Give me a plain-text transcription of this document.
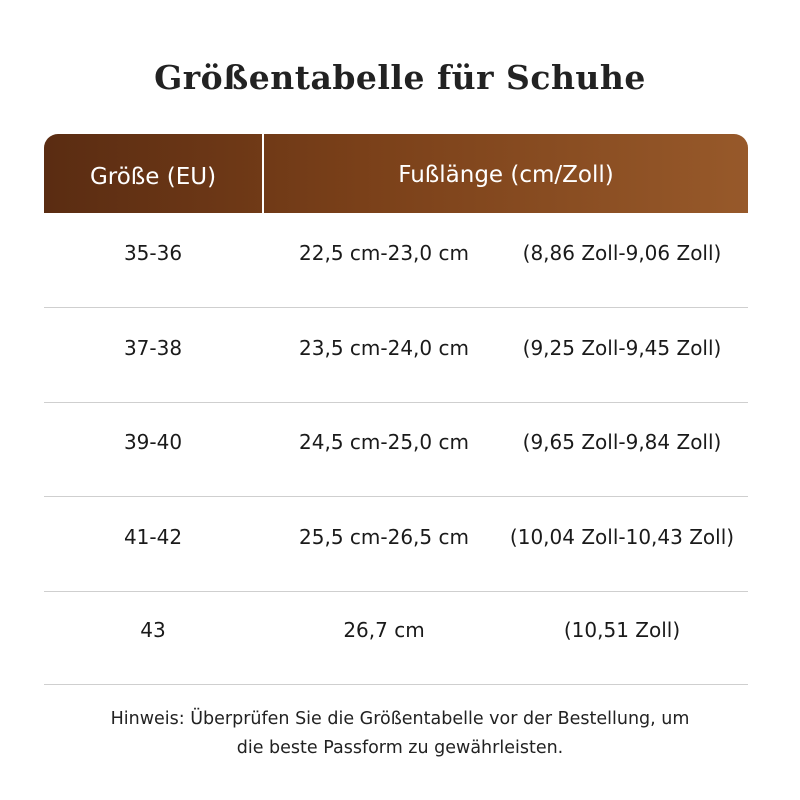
Größentabelle für Schuhe
Größe (EU)	Fußlänge (cm/Zoll)
35-36	22,5 cm-23,0 cm	(8,86 Zoll-9,06 Zoll)
37-38	23,5 cm-24,0 cm	(9,25 Zoll-9,45 Zoll)
39-40	24,5 cm-25,0 cm	(9,65 Zoll-9,84 Zoll)
41-42	25,5 cm-26,5 cm	(10,04 Zoll-10,43 Zoll)
43	26,7 cm	(10,51 Zoll)
Hinweis: Überprüfen Sie die Größentabelle vor der Bestellung, um
die beste Passform zu gewährleisten.
